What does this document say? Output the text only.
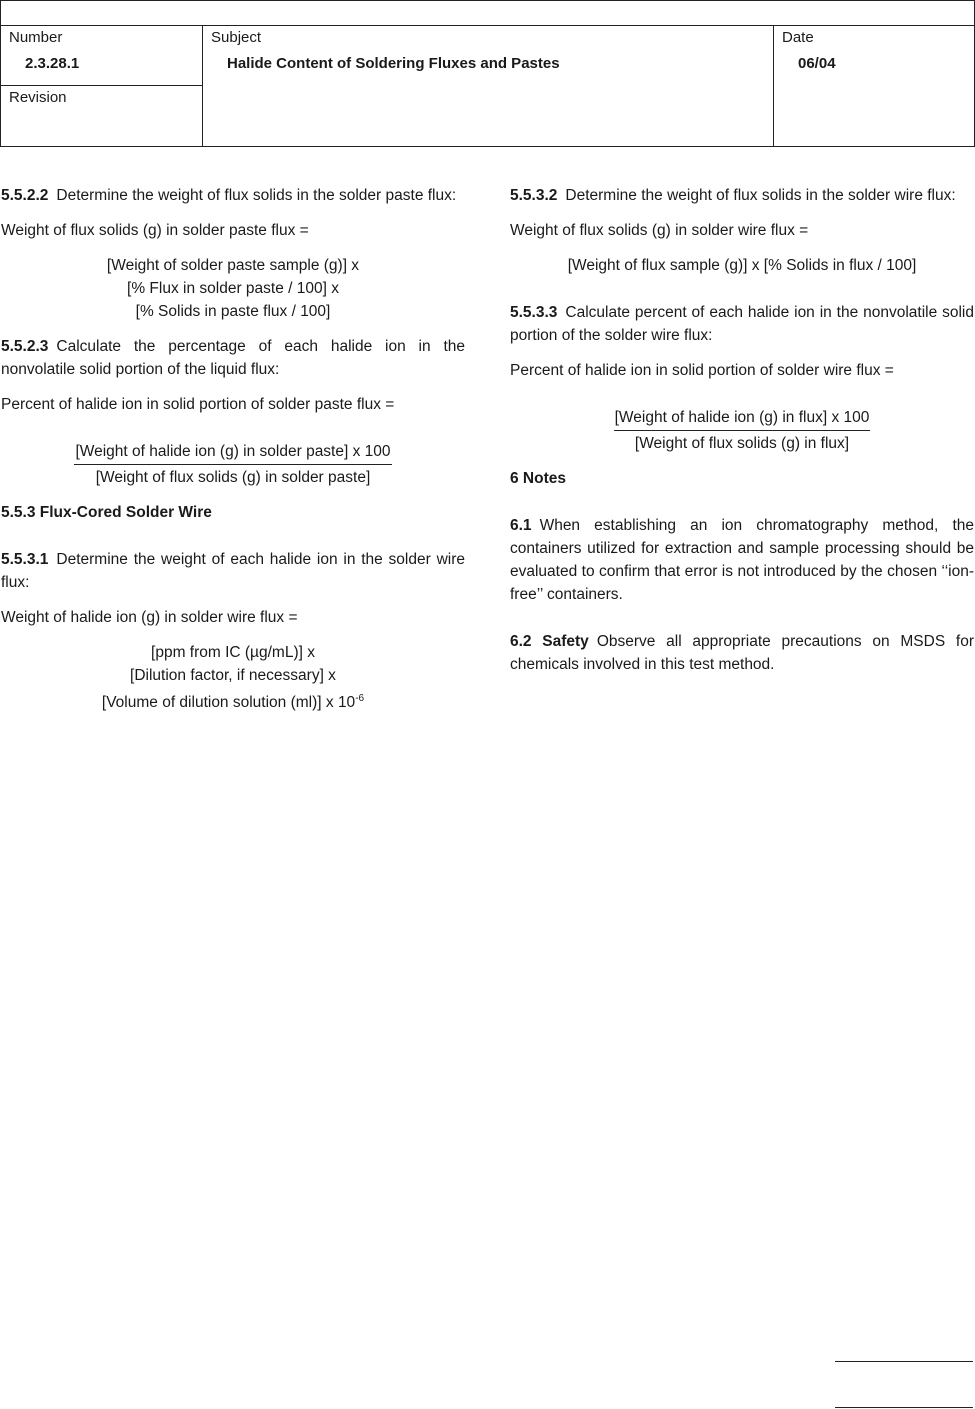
Number
2.3.28.1
Revision
Subject
Halide Content of Soldering Fluxes and Pastes
Date
06/04

5.5.2.2 Determine the weight of flux solids in the solder paste flux:

Weight of flux solids (g) in solder paste flux =

[Weight of solder paste sample (g)] x
[% Flux in solder paste / 100] x
[% Solids in paste flux / 100]

5.5.2.3 Calculate the percentage of each halide ion in the nonvolatile solid portion of the liquid flux:

Percent of halide ion in solid portion of solder paste flux =

[Weight of halide ion (g) in solder paste] x 100
[Weight of flux solids (g) in solder paste]
5.5.3 Flux-Cored Solder Wire

5.5.3.1 Determine the weight of each halide ion in the solder wire flux:

Weight of halide ion (g) in solder wire flux =

[ppm from IC (µg/mL)] x
[Dilution factor, if necessary] x
[Volume of dilution solution (ml)] x $10^{-6}$

5.5.3.2 Determine the weight of flux solids in the solder wire flux:

Weight of flux solids (g) in solder wire flux =

[Weight of flux sample (g)] x [% Solids in flux / 100]

5.5.3.3 Calculate percent of each halide ion in the nonvolatile solid portion of the solder wire flux:

Percent of halide ion in solid portion of solder wire flux =

[Weight of halide ion (g) in flux] x 100
[Weight of flux solids (g) in flux]
6 Notes

6.1 When establishing an ion chromatography method, the containers utilized for extraction and sample processing should be evaluated to confirm that error is not introduced by the chosen ‘‘ion-free’’ containers.

6.2 Safety Observe all appropriate precautions on MSDS for chemicals involved in this test method.
